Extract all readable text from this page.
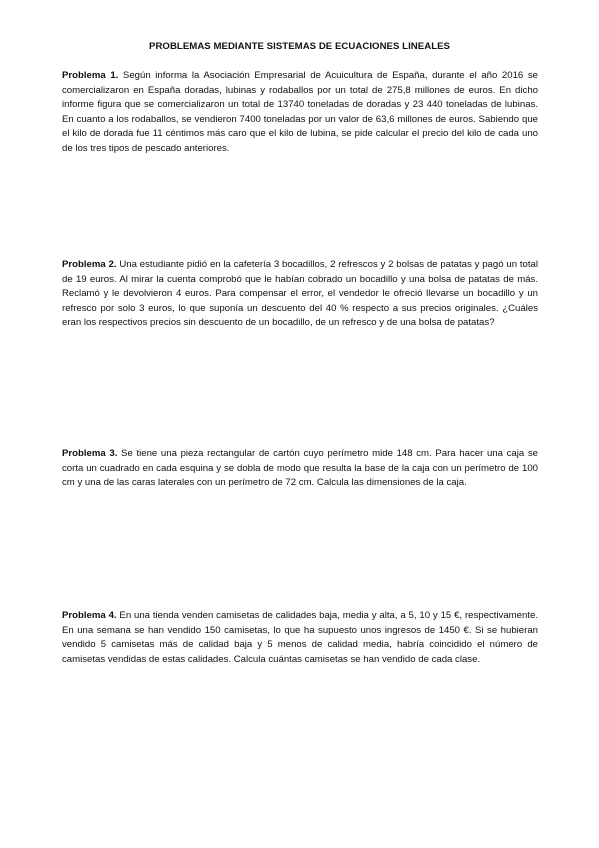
PROBLEMAS MEDIANTE SISTEMAS DE ECUACIONES LINEALES

Problema 1. Según informa la Asociación Empresarial de Acuicultura de España, durante el año 2016 se comercializaron en España doradas, lubinas y rodaballos por un total de 275,8 millones de euros. En dicho informe figura que se comercializaron un total de 13740 toneladas de doradas y 23 440 toneladas de lubinas. En cuanto a los rodaballos, se vendieron 7400 toneladas por un valor de 63,6 millones de euros. Sabiendo que el kilo de dorada fue 11 céntimos más caro que el kilo de lubina, se pide calcular el precio del kilo de cada uno de los tres tipos de pescado anteriores.

Problema 2. Una estudiante pidió en la cafetería 3 bocadillos, 2 refrescos y 2 bolsas de patatas y pagó un total de 19 euros. Al mirar la cuenta comprobó que le habían cobrado un bocadillo y una bolsa de patatas de más. Reclamó y le devolvieron 4 euros. Para compensar el error, el vendedor le ofreció llevarse un bocadillo y un refresco por solo 3 euros, lo que suponía un descuento del 40 % respecto a sus precios originales. ¿Cuáles eran los respectivos precios sin descuento de un bocadillo, de un refresco y de una bolsa de patatas?

Problema 3. Se tiene una pieza rectangular de cartón cuyo perímetro mide 148 cm. Para hacer una caja se corta un cuadrado en cada esquina y se dobla de modo que resulta la base de la caja con un perímetro de 100 cm y una de las caras laterales con un perímetro de 72 cm. Calcula las dimensiones de la caja.

Problema 4. En una tienda venden camisetas de calidades baja, media y alta, a 5, 10 y 15 €, respectivamente. En una semana se han vendido 150 camisetas, lo que ha supuesto unos ingresos de 1450 €. Si se hubieran vendido 5 camisetas más de calidad baja y 5 menos de calidad media, habría coincidido el número de camisetas vendidas de estas calidades. Calcula cuántas camisetas se han vendido de cada clase.
